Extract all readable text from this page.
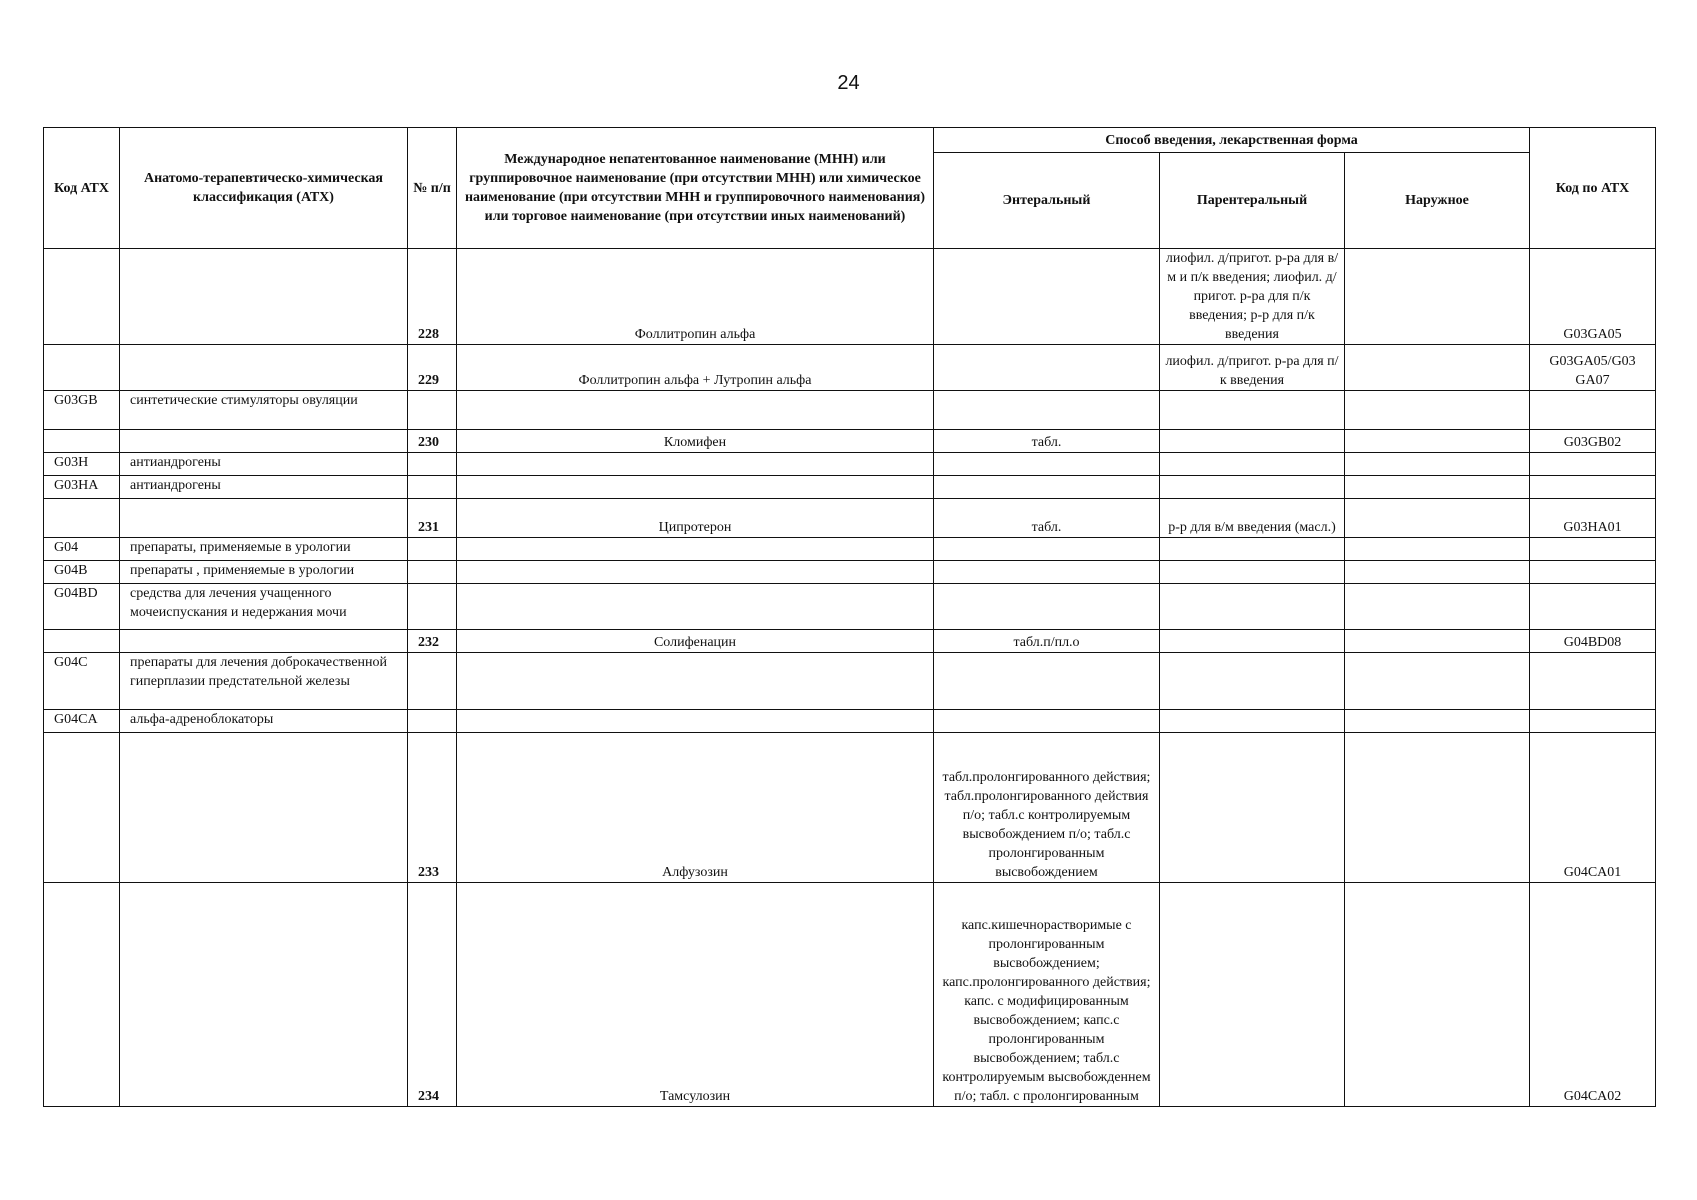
24
Код АТХ	Анатомо-терапевтическо-химическая классификация (АТХ)	№ п/п	Международное непатентованное наименование (МНН) или группировочное наименование (при отсутствии МНН) или химическое наименование (при отсутствии МНН и группировочного наименования) или торговое наименование (при отсутствии иных наименований)	Способ введения, лекарственная форма			Код по АТХ
				Энтеральный	Парентеральный	Наружное	
		228	Фоллитропин альфа		лиофил. д/пригот. р-ра для в/м и п/к введения; лиофил. д/пригот. р-ра для п/к введения; р-р для п/к введения		G03GA05
		229	Фоллитропин альфа + Лутропин альфа		лиофил. д/пригот. р-ра для п/к введения		G03GA05/G03 GA07
G03GB	синтетические стимуляторы овуляции						
		230	Кломифен	табл.			G03GB02
G03H	антиандрогены						
G03HA	антиандрогены						
		231	Ципротерон	табл.	р-р для в/м введения (масл.)		G03HA01
G04	препараты, применяемые в урологии						
G04B	препараты , применяемые в урологии						
G04BD	средства для лечения учащенного мочеиспускания и недержания мочи						
		232	Солифенацин	табл.п/пл.о			G04BD08
G04C	препараты для лечения доброкачественной гиперплазии предстательной железы						
G04CA	альфа-адреноблокаторы						
		233	Алфузозин	табл.пролонгированного действия; табл.пролонгированного действия п/о; табл.с контролируемым высвобождением п/о; табл.с пролонгированным высвобождением			G04CA01
		234	Тамсулозин	капс.кишечнорастворимые с пролонгированным высвобождением; капс.пролонгированного действия; капс. с модифицированным высвобождением; капс.с пролонгированным высвобождением; табл.с контролируемым высвобожденнем п/о; табл. с пролонгированным			G04CA02
